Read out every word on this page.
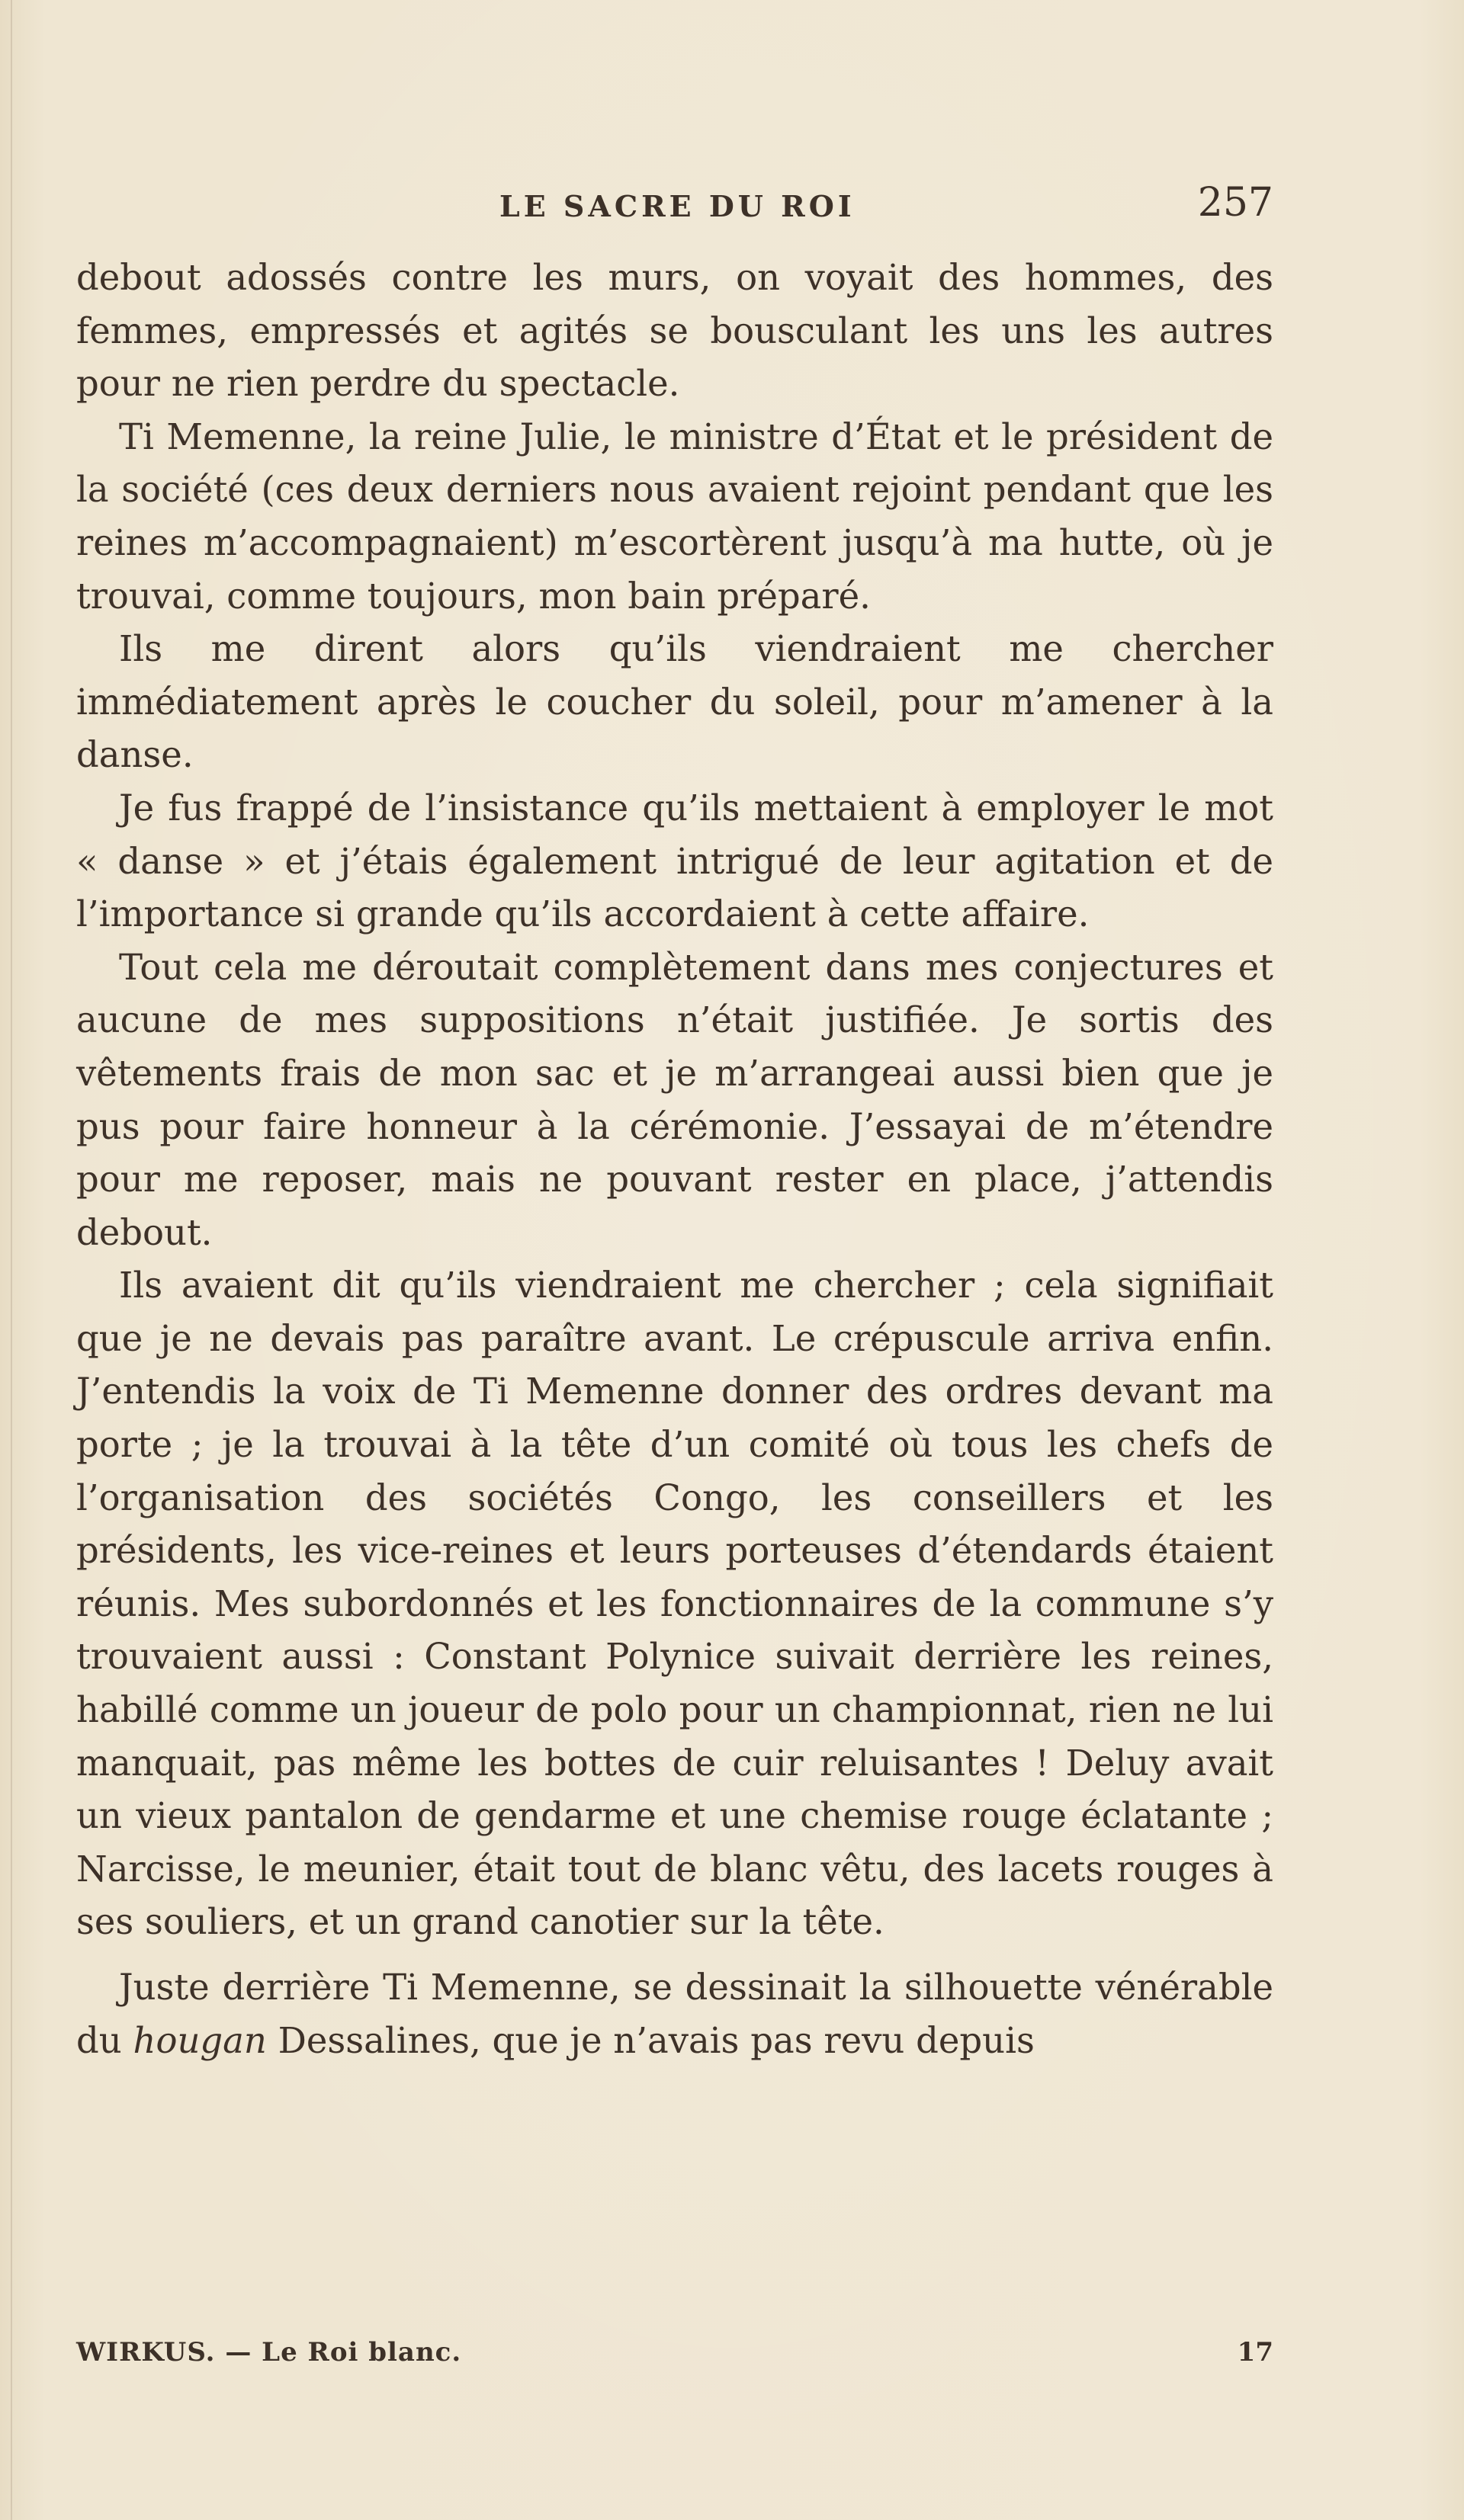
LE SACRE DU ROI	257

debout adossés contre les murs, on voyait des hommes, des femmes, empressés et agités se bousculant les uns les autres pour ne rien perdre du spectacle.

Ti Memenne, la reine Julie, le ministre d’État et le président de la société (ces deux derniers nous avaient rejoint pendant que les reines m’accompagnaient) m’escortèrent jusqu’à ma hutte, où je trouvai, comme toujours, mon bain préparé.

Ils me dirent alors qu’ils viendraient me chercher immédiatement après le coucher du soleil, pour m’amener à la danse.

Je fus frappé de l’insistance qu’ils mettaient à employer le mot « danse » et j’étais également intrigué de leur agitation et de l’importance si grande qu’ils accordaient à cette affaire.

Tout cela me déroutait complètement dans mes conjectures et aucune de mes suppositions n’était justifiée. Je sortis des vêtements frais de mon sac et je m’arrangeai aussi bien que je pus pour faire honneur à la cérémonie. J’essayai de m’étendre pour me reposer, mais ne pouvant rester en place, j’attendis debout.

Ils avaient dit qu’ils viendraient me chercher ; cela signifiait que je ne devais pas paraître avant. Le crépuscule arriva enfin. J’entendis la voix de Ti Memenne donner des ordres devant ma porte ; je la trouvai à la tête d’un comité où tous les chefs de l’organisation des sociétés Congo, les conseillers et les présidents, les vice-reines et leurs porteuses d’étendards étaient réunis. Mes subordonnés et les fonctionnaires de la commune s’y trouvaient aussi : Constant Polynice suivait derrière les reines, habillé comme un joueur de polo pour un championnat, rien ne lui manquait, pas même les bottes de cuir reluisantes ! Deluy avait un vieux pantalon de gendarme et une chemise rouge éclatante ; Narcisse, le meunier, était tout de blanc vêtu, des lacets rouges à ses souliers, et un grand canotier sur la tête.

Juste derrière Ti Memenne, se dessinait la silhouette vénérable du hougan Dessalines, que je n’avais pas revu depuis

WIRKUS. — Le Roi blanc.	17
